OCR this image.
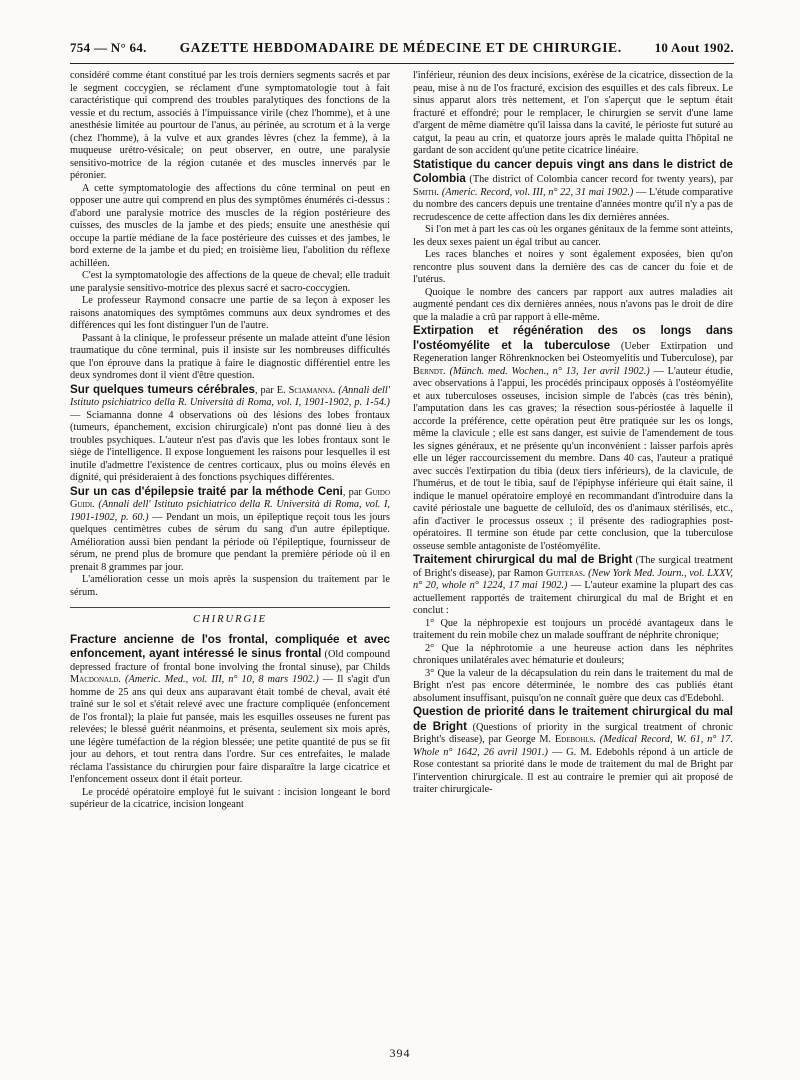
754 — N° 64. GAZETTE HEBDOMADAIRE DE MÉDECINE ET DE CHIRURGIE.	10 Aout 1902.

considéré comme étant constitué par les trois derniers segments sacrés et par le segment coccygien, se réclament d'une symptomatologie tout à fait caractéristique qui comprend des troubles paralytiques des fonctions de la vessie et du rectum, associés à l'impuissance virile (chez l'homme), et à une anesthésie limitée au pourtour de l'anus, au périnée, au scrotum et à la verge (chez l'homme), à la vulve et aux grandes lèvres (chez la femme), à la muqueuse urétro-vésicale; on peut observer, en outre, une paralysie sensitivo-motrice de la région cutanée et des muscles innervés par le péronier.

A cette symptomatologie des affections du cône terminal on peut en opposer une autre qui comprend en plus des symptômes énumérés ci-dessus : d'abord une paralysie motrice des muscles de la région postérieure des cuisses, des muscles de la jambe et des pieds; ensuite une anesthésie qui occupe la partie médiane de la face postérieure des cuisses et des jambes, le bord externe de la jambe et du pied; en troisième lieu, l'abolition du réflexe achilléen.

C'est la symptomatologie des affections de la queue de cheval; elle traduit une paralysie sensitivo-motrice des plexus sacré et sacro-coccygien.

Le professeur Raymond consacre une partie de sa leçon à exposer les raisons anatomiques des symptômes communs aux deux syndromes et des différences qui les font distinguer l'un de l'autre.

Passant à la clinique, le professeur présente un malade atteint d'une lésion traumatique du cône terminal, puis il insiste sur les nombreuses difficultés que l'on éprouve dans la pratique à faire le diagnostic différentiel entre les deux syndromes dont il vient d'être question.

Sur quelques tumeurs cérébrales, par E. Sciamanna. (Annali dell' Istituto psichiatrico della R. Università di Roma, vol. I, 1901-1902, p. 1-54.) — Sciamanna donne 4 observations où des lésions des lobes frontaux (tumeurs, épanchement, excision chirurgicale) n'ont pas donné lieu à des troubles psychiques. L'auteur n'est pas d'avis que les lobes frontaux sont le siège de l'intelligence. Il expose longuement les raisons pour lesquelles il est inutile d'admettre l'existence de centres corticaux, plus ou moins élevés en dignité, qui présideraient à des fonctions psychiques différentes.

Sur un cas d'épilepsie traité par la méthode Ceni, par Guido Guidi. (Annali dell' Istituto psichiatrico della R. Università di Roma, vol. I, 1901-1902, p. 60.) — Pendant un mois, un épileptique reçoit tous les jours quelques centimètres cubes de sérum du sang d'un autre épileptique. Amélioration aussi bien pendant la période où l'épileptique, fournisseur de sérum, ne prend plus de bromure que pendant la première période où il en prenait 8 grammes par jour.

L'amélioration cesse un mois après la suspension du traitement par le sérum.

CHIRURGIE

Fracture ancienne de l'os frontal, compliquée et avec enfoncement, ayant intéressé le sinus frontal (Old compound depressed fracture of frontal bone involving the frontal sinuse), par Childs Macdonald. (Americ. Med., vol. III, n° 10, 8 mars 1902.) — Il s'agit d'un homme de 25 ans qui deux ans auparavant était tombé de cheval, avait été traîné sur le sol et s'était relevé avec une fracture compliquée (enfoncement de l'os frontal); la plaie fut pansée, mais les esquilles osseuses ne furent pas relevées; le blessé guérit néanmoins, et présenta, seulement six mois après, une légère tuméfaction de la région blessée; une petite quantité de pus se fit jour au dehors, et tout rentra dans l'ordre. Sur ces entrefaites, le malade réclama l'assistance du chirurgien pour faire disparaître la large cicatrice et l'enfoncement osseux dont il était porteur.

Le procédé opératoire employé fut le suivant : incision longeant le bord supérieur de la cicatrice, incision longeant

l'inférieur, réunion des deux incisions, exérèse de la cicatrice, dissection de la peau, mise à nu de l'os fracturé, excision des esquilles et des cals fibreux. Le sinus apparut alors très nettement, et l'on s'aperçut que le septum était fracturé et effondré; pour le remplacer, le chirurgien se servit d'une lame d'argent de même diamètre qu'il laissa dans la cavité, le périoste fut suturé au catgut, la peau au crin, et quatorze jours après le malade quitta l'hôpital ne gardant de son accident qu'une petite cicatrice linéaire.

Statistique du cancer depuis vingt ans dans le district de Colombia (The district of Colombia cancer record for twenty years), par Smith. (Americ. Record, vol. III, n° 22, 31 mai 1902.) — L'étude comparative du nombre des cancers depuis une trentaine d'années montre qu'il n'y a pas de recrudescence de cette affection dans les dix dernières années.

Si l'on met à part les cas où les organes génitaux de la femme sont atteints, les deux sexes paient un égal tribut au cancer.

Les races blanches et noires y sont également exposées, bien qu'on rencontre plus souvent dans la dernière des cas de cancer du foie et de l'utérus.

Quoique le nombre des cancers par rapport aux autres maladies ait augmenté pendant ces dix dernières années, nous n'avons pas le droit de dire que la maladie a crû par rapport à elle-même.

Extirpation et régénération des os longs dans l'ostéomyélite et la tuberculose (Ueber Extirpation und Regeneration langer Röhrenknocken bei Osteomyelitis und Tuberculose), par Berndt. (Münch. med. Wochen., n° 13, 1er avril 1902.) — L'auteur étudie, avec observations à l'appui, les procédés principaux opposés à l'ostéomyélite et aux tuberculoses osseuses, incision simple de l'abcès (cas très bénin), l'amputation dans les cas graves; la résection sous-périostée à laquelle il accorde la préférence, cette opération peut être pratiquée sur les os longs, même la clavicule ; elle est sans danger, est suivie de l'amendement de tous les signes généraux, et ne présente qu'un inconvénient : laisser parfois après elle un léger raccourcissement du membre. Dans 40 cas, l'auteur a pratiqué avec succès l'extirpation du tibia (deux tiers inférieurs), de la clavicule, de l'humérus, et de tout le tibia, sauf de l'épiphyse inférieure qui était saine, il indique le manuel opératoire employé en recommandant d'introduire dans la cavité périostale une baguette de celluloïd, des os d'animaux stérilisés, etc., afin d'activer le processus osseux ; il présente des radiographies post-opératoires. Il termine son étude par cette conclusion, que la tuberculose osseuse semble antagoniste de l'ostéomyélite.

Traitement chirurgical du mal de Bright (The surgical treatment of Bright's disease), par Ramon Guiteras. (New York Med. Journ., vol. LXXV, n° 20, whole n° 1224, 17 mai 1902.) — L'auteur examine la plupart des cas actuellement rapportés de traitement chirurgical du mal de Bright et en conclut :

1° Que la néphropexie est toujours un procédé avantageux dans le traitement du rein mobile chez un malade souffrant de néphrite chronique;

2° Que la néphrotomie a une heureuse action dans les néphrites chroniques unilatérales avec hématurie et douleurs;

3° Que la valeur de la décapsulation du rein dans le traitement du mal de Bright n'est pas encore déterminée, le nombre des cas publiés étant absolument insuffisant, puisqu'on ne connaît guère que deux cas d'Edebohl.

Question de priorité dans le traitement chirurgical du mal de Bright (Questions of priority in the surgical treatment of chronic Bright's disease), par George M. Edebohls. (Medical Record, W. 61, n° 17. Whole n° 1642, 26 avril 1901.) — G. M. Edebohls répond à un article de Rose contestant sa priorité dans le mode de traitement du mal de Bright par l'intervention chirurgicale. Il est au contraire le premier qui ait proposé de traiter chirurgicale-

394
